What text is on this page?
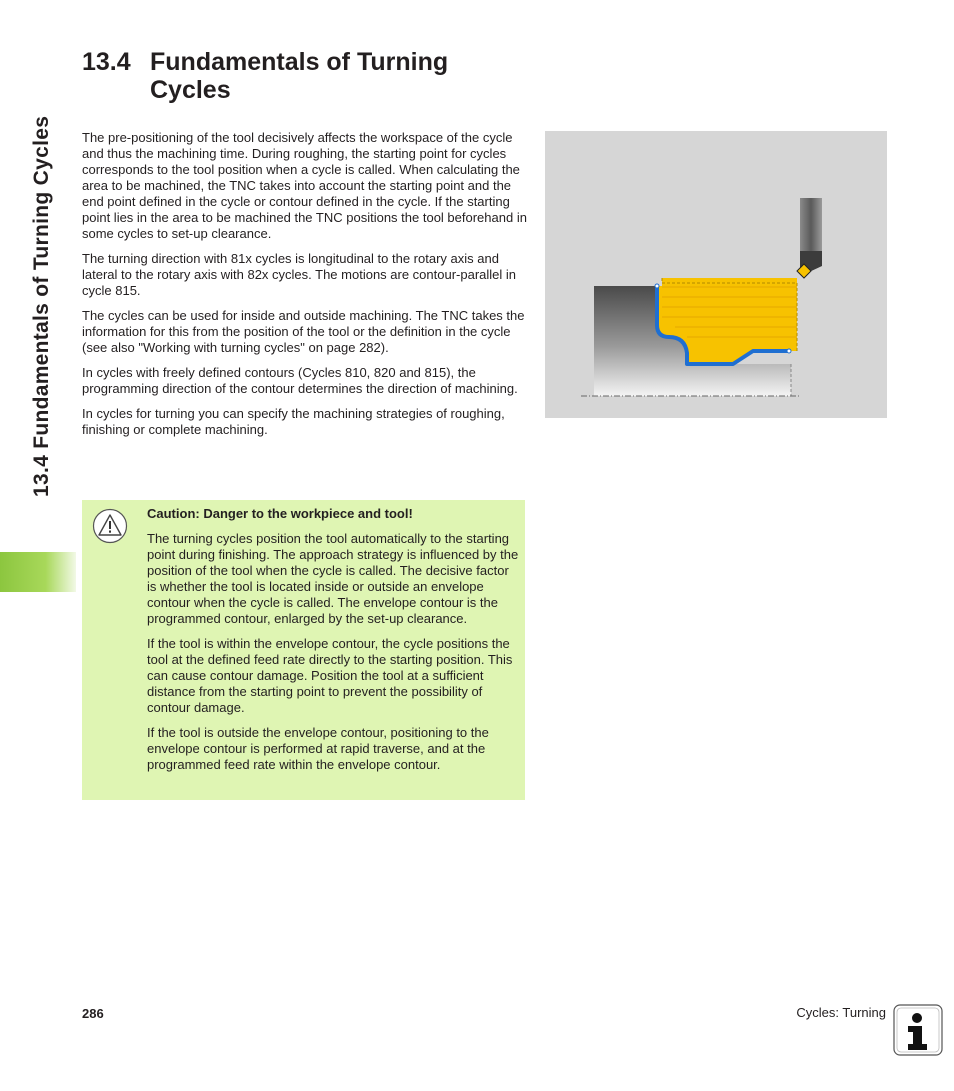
13.4 Fundamentals of Turning Cycles
13.4 Fundamentals of Turning Cycles

The pre-positioning of the tool decisively affects the workspace of the cycle and thus the machining time. During roughing, the starting point for cycles corresponds to the tool position when a cycle is called. When calculating the area to be machined, the TNC takes into account the starting point and the end point defined in the cycle or contour defined in the cycle. If the starting point lies in the area to be machined the TNC positions the tool beforehand in some cycles to set-up clearance.

The turning direction with 81x cycles is longitudinal to the rotary axis and lateral to the rotary axis with 82x cycles. The motions are contour-parallel in cycle 815.

The cycles can be used for inside and outside machining. The TNC takes the information for this from the position of the tool or the definition in the cycle (see also "Working with turning cycles" on page 282).

In cycles with freely defined contours (Cycles 810, 820 and 815), the programming direction of the contour determines the direction of machining.

In cycles for turning you can specify the machining strategies of roughing, finishing or complete machining.

Caution: Danger to the workpiece and tool!

The turning cycles position the tool automatically to the starting point during finishing. The approach strategy is influenced by the position of the tool when the cycle is called. The decisive factor is whether the tool is located inside or outside an envelope contour when the cycle is called. The envelope contour is the programmed contour, enlarged by the set-up clearance.

If the tool is within the envelope contour, the cycle positions the tool at the defined feed rate directly to the starting position. This can cause contour damage. Position the tool at a sufficient distance from the starting point to prevent the possibility of contour damage.

If the tool is outside the envelope contour, positioning to the envelope contour is performed at rapid traverse, and at the programmed feed rate within the envelope contour.

286	Cycles: Turning
